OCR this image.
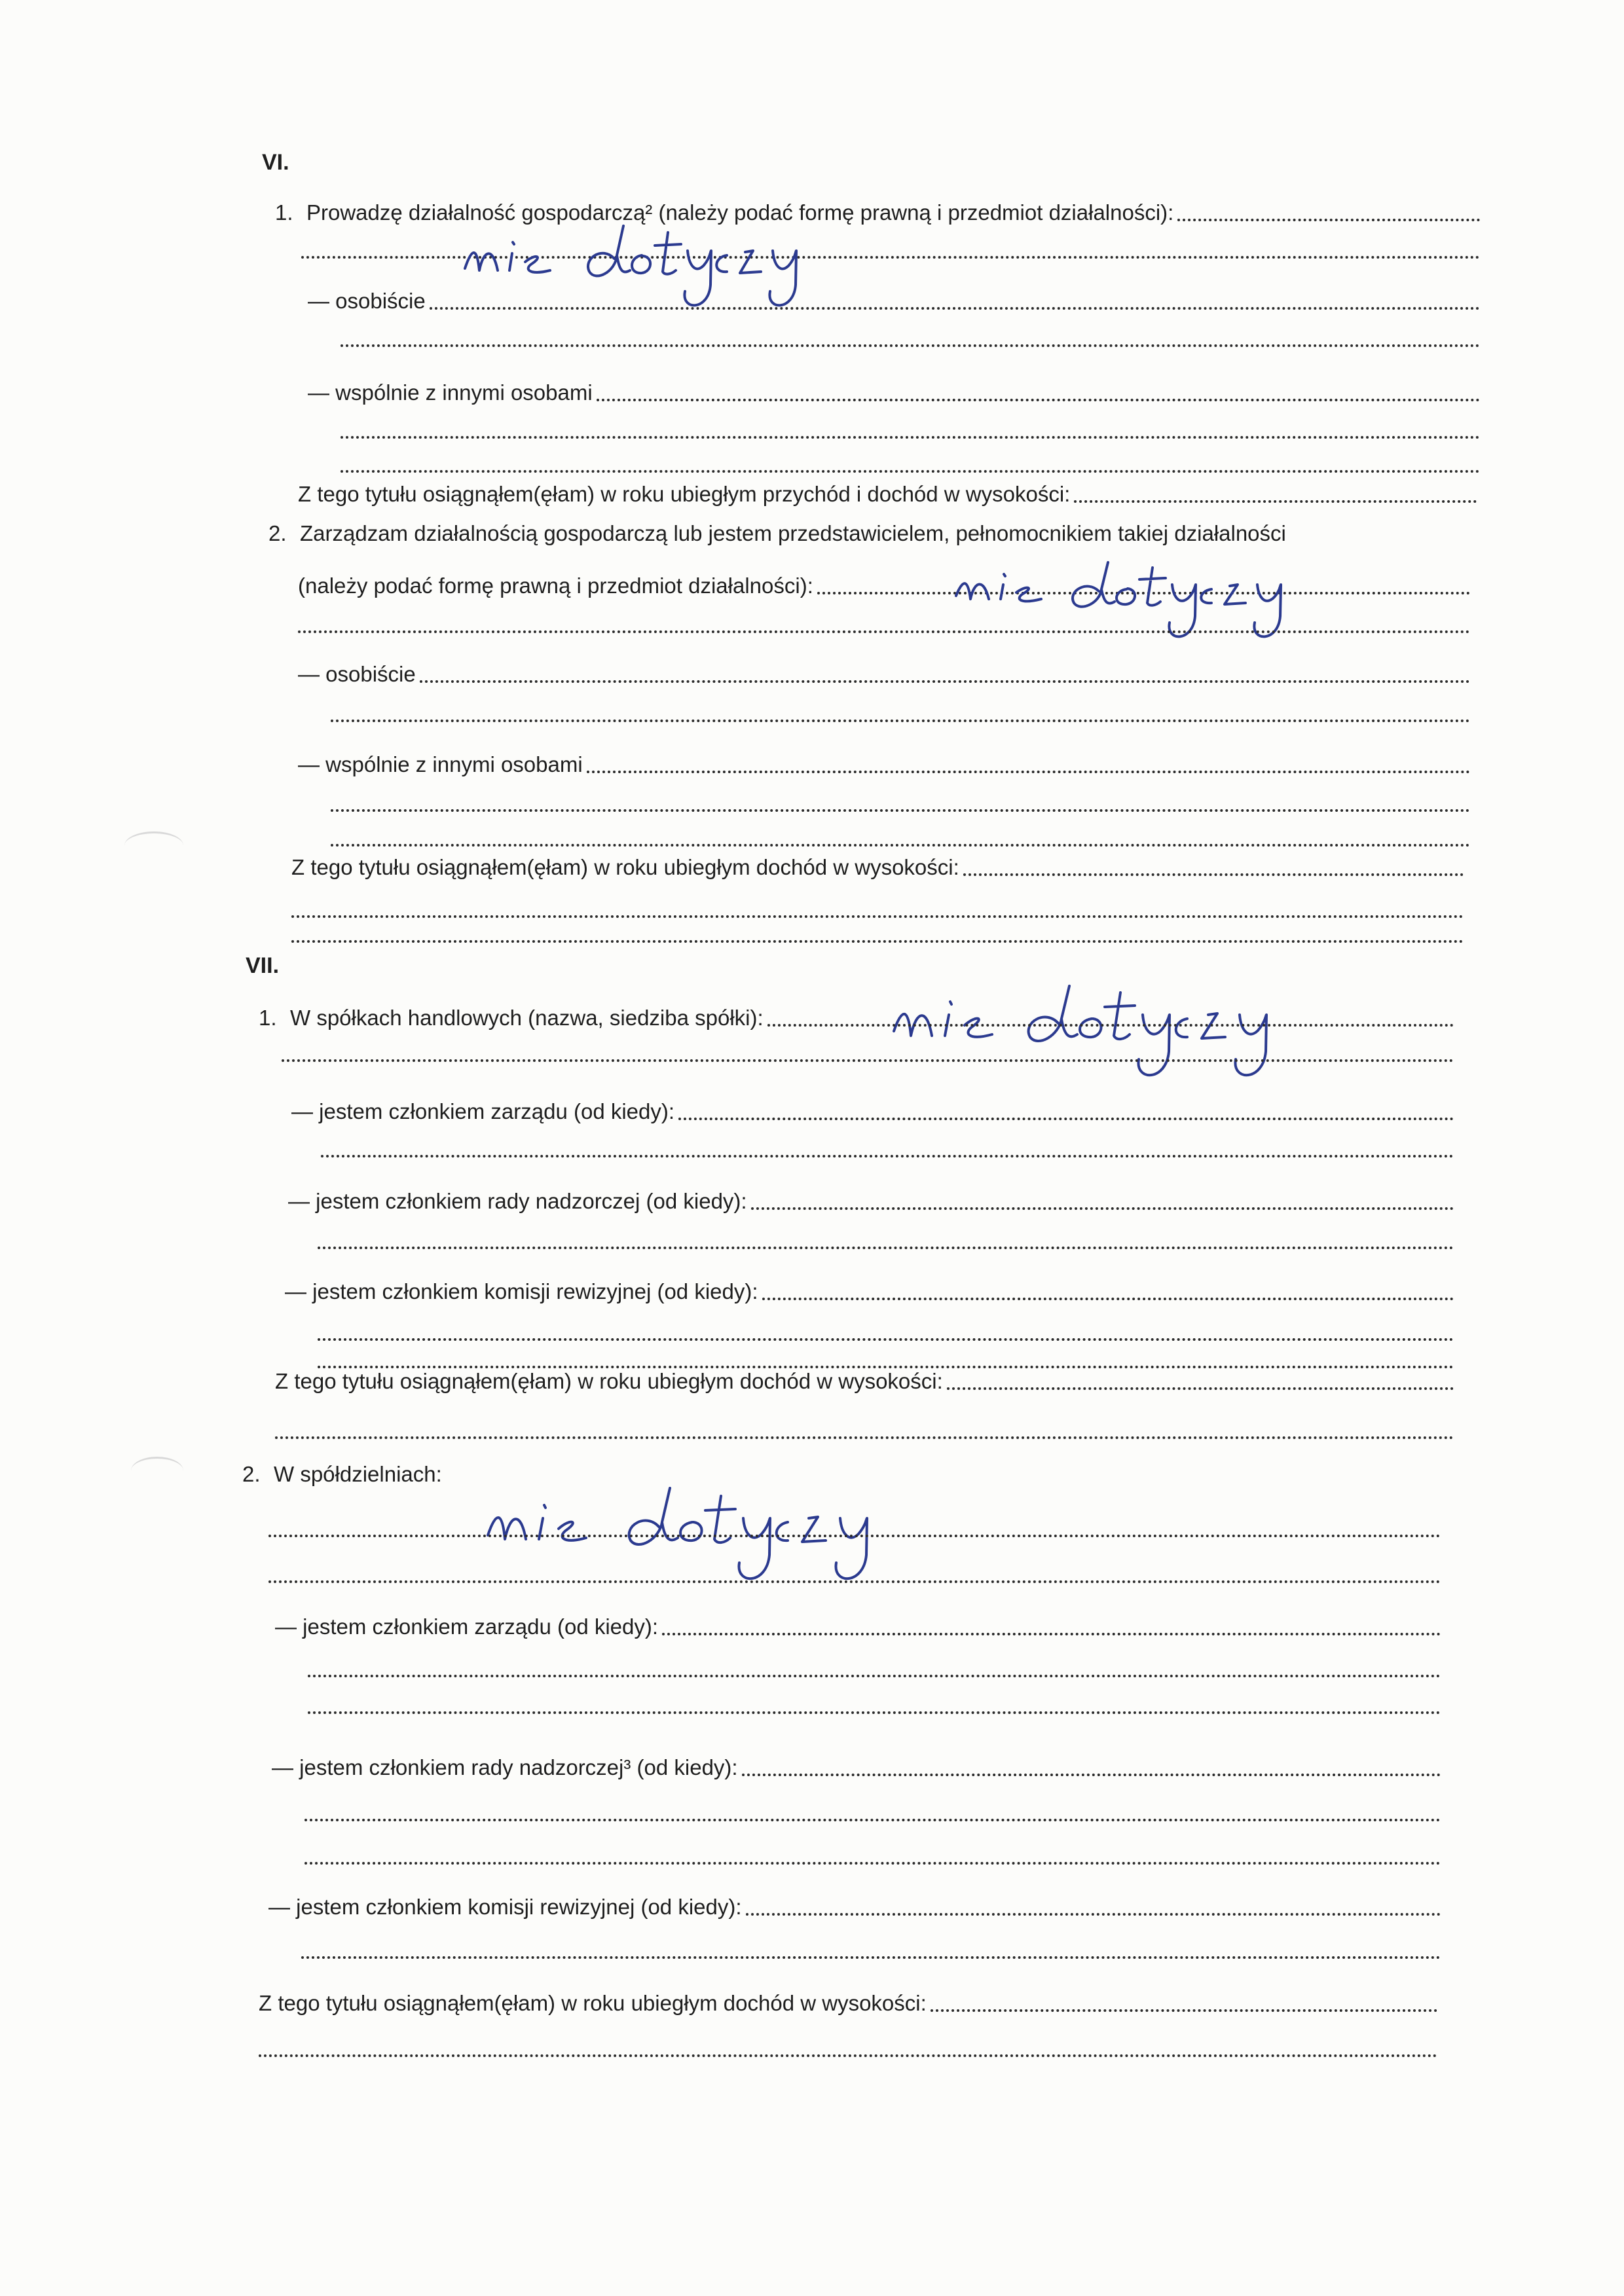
VI.
1. Prowadzę działalność gospodarczą² (należy podać formę prawną i przedmiot działalności):
— osobiście
— wspólnie z innymi osobami
Z tego tytułu osiągnąłem(ęłam) w roku ubiegłym przychód i dochód w wysokości:
2. Zarządzam działalnością gospodarczą lub jestem przedstawicielem, pełnomocnikiem takiej działalności
(należy podać formę prawną i przedmiot działalności):
— osobiście
— wspólnie z innymi osobami
Z tego tytułu osiągnąłem(ęłam) w roku ubiegłym dochód w wysokości:
VII.
1. W spółkach handlowych (nazwa, siedziba spółki):
— jestem członkiem zarządu (od kiedy):
— jestem członkiem rady nadzorczej (od kiedy):
— jestem członkiem komisji rewizyjnej (od kiedy):
Z tego tytułu osiągnąłem(ęłam) w roku ubiegłym dochód w wysokości:
2. W spółdzielniach:
— jestem członkiem zarządu (od kiedy):
— jestem członkiem rady nadzorczej³ (od kiedy):
— jestem członkiem komisji rewizyjnej (od kiedy):
Z tego tytułu osiągnąłem(ęłam) w roku ubiegłym dochód w wysokości:
